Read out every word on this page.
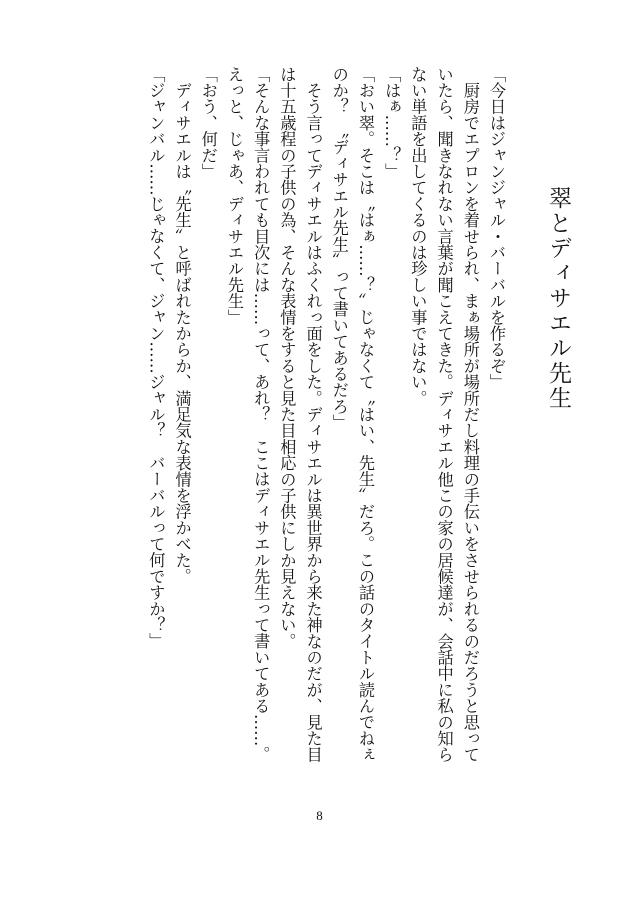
翠とディサエル先生
「今日はジャンジャル・バーバルを作るぞ」
　厨房でエプロンを着せられ、まぁ場所が場所だし料理の手伝いをさせられるのだろうと思って
いたら、聞きなれない言葉が聞こえてきた。ディサエル他この家の居候達が、会話中に私の知ら
ない単語を出してくるのは珍しい事ではない。
「はぁ……？」
「おい翠。そこは〝はぁ……？〟じゃなくて〝はい、先生〟だろ。この話のタイトル読んでねぇ
のか？　〝ディサエル先生〟って書いてあるだろ」
　そう言ってディサエルはふくれっ面をした。ディサエルは異世界から来た神なのだが、見た目
は十五歳程の子供の為、そんな表情をすると見た目相応の子供にしか見えない。
「そんな事言われても目次には……って、あれ？　ここはディサエル先生って書いてある……。
えっと、じゃあ、ディサエル先生」
「おう、何だ」
　ディサエルは〝先生〟と呼ばれたからか、満足気な表情を浮かべた。
「ジャンバル……じゃなくて、ジャン……ジャル？　バーバルって何ですか？」
8
